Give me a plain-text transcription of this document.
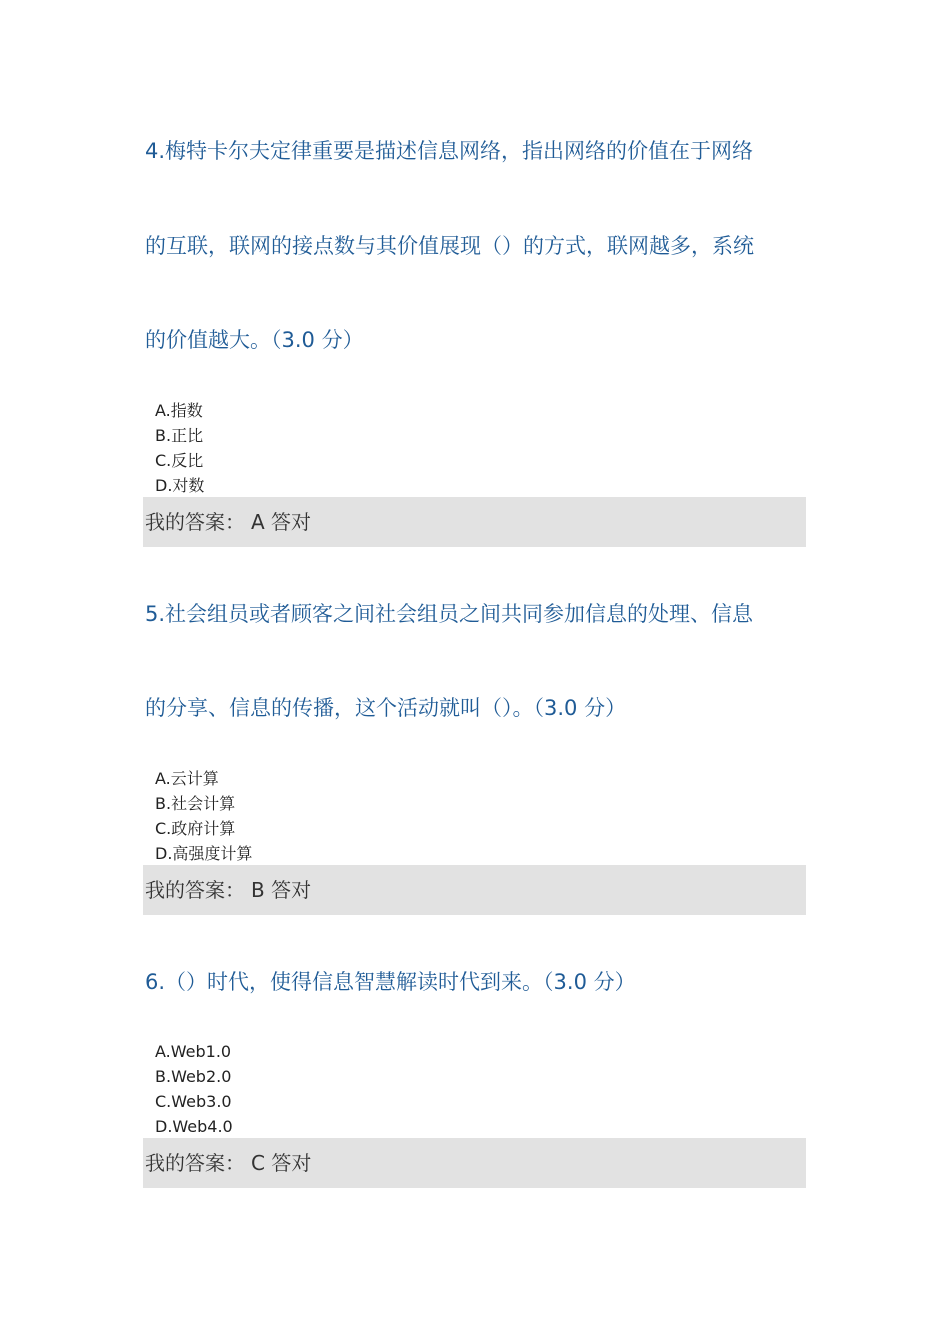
4.梅特卡尔夫定律重要是描述信息网络，指出网络的价值在于网络

的互联，联网的接点数与其价值展现（）的方式，联网越多，系统

的价值越大。（3.0 分）

A.指数

B.正比

C.反比

D.对数

我的答案： A 答对

5.社会组员或者顾客之间社会组员之间共同参加信息的处理、信息

的分享、信息的传播，这个活动就叫（）。（3.0 分）

A.云计算

B.社会计算

C.政府计算

D.高强度计算

我的答案： B 答对

6.（）时代，使得信息智慧解读时代到来。（3.0 分）

A.Web1.0

B.Web2.0

C.Web3.0

D.Web4.0

我的答案： C 答对
